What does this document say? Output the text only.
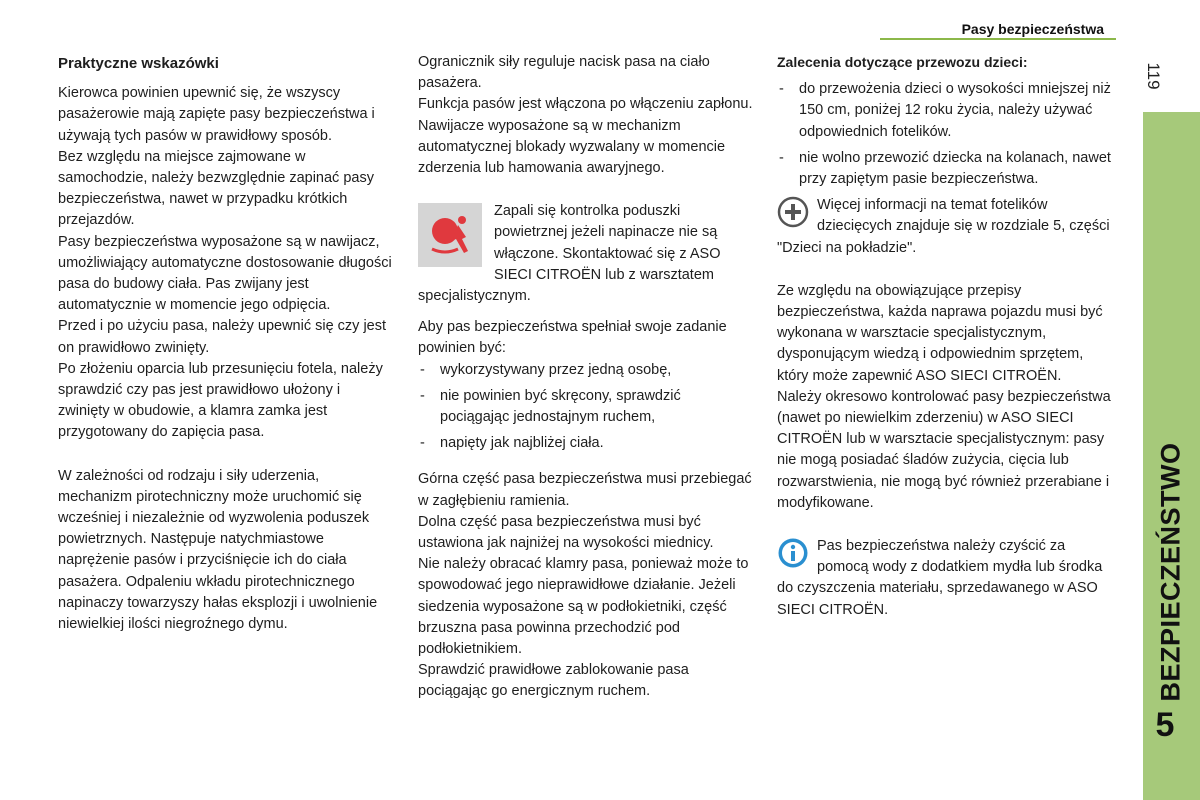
Pasy bezpieczeństwa
119
BEZPIECZEŃSTWO
5

Praktyczne wskazówki

Kierowca powinien upewnić się, że wszyscy pasażerowie mają zapięte pasy bezpieczeństwa i używają tych pasów w prawidłowy sposób.

Bez względu na miejsce zajmowane w samochodzie, należy bezwzględnie zapinać pasy bezpieczeństwa, nawet w przypadku krótkich przejazdów.

Pasy bezpieczeństwa wyposażone są w nawijacz, umożliwiający automatyczne dostosowanie długości pasa do budowy ciała. Pas zwijany jest automatycznie w momencie jego odpięcia.

Przed i po użyciu pasa, należy upewnić się czy jest on prawidłowo zwinięty.

Po złożeniu oparcia lub przesunięciu fotela, należy sprawdzić czy pas jest prawidłowo ułożony i zwinięty w obudowie, a klamra zamka jest przygotowany do zapięcia pasa.

W zależności od rodzaju i siły uderzenia, mechanizm pirotechniczny może uruchomić się wcześniej i niezależnie od wyzwolenia poduszek powietrznych. Następuje natychmiastowe naprężenie pasów i przyciśnięcie ich do ciała pasażera. Odpaleniu wkładu pirotechnicznego napinaczy towarzyszy hałas eksplozji i uwolnienie niewielkiej ilości niegroźnego dymu.

Ogranicznik siły reguluje nacisk pasa na ciało pasażera.

Funkcja pasów jest włączona po włączeniu zapłonu.

Nawijacze wyposażone są w mechanizm automatycznej blokady wyzwalany w momencie zderzenia lub hamowania awaryjnego.

Zapali się kontrolka poduszki powietrznej jeżeli napinacze nie są włączone. Skontaktować się z ASO SIECI CITROËN lub z warsztatem specjalistycznym.

Aby pas bezpieczeństwa spełniał swoje zadanie powinien być:

- wykorzystywany przez jedną osobę,
- nie powinien być skręcony, sprawdzić pociągając jednostajnym ruchem,
- napięty jak najbliżej ciała.

Górna część pasa bezpieczeństwa musi przebiegać w zagłębieniu ramienia.

Dolna część pasa bezpieczeństwa musi być ustawiona jak najniżej na wysokości miednicy.

Nie należy obracać klamry pasa, ponieważ może to spowodować jego nieprawidłowe działanie. Jeżeli siedzenia wyposażone są w podłokietniki, część brzuszna pasa powinna przechodzić pod podłokietnikiem.

Sprawdzić prawidłowe zablokowanie pasa pociągając go energicznym ruchem.

Zalecenia dotyczące przewozu dzieci:

- do przewożenia dzieci o wysokości mniejszej niż 150 cm, poniżej 12 roku życia, należy używać odpowiednich fotelików.
- nie wolno przewozić dziecka na kolanach, nawet przy zapiętym pasie bezpieczeństwa.

Więcej informacji na temat fotelików dziecięcych znajduje się w rozdziale 5, części "Dzieci na pokładzie".

Ze względu na obowiązujące przepisy bezpieczeństwa, każda naprawa pojazdu musi być wykonana w warsztacie specjalistycznym, dysponującym wiedzą i odpowiednim sprzętem, który może zapewnić ASO SIECI CITROËN.

Należy okresowo kontrolować pasy bezpieczeństwa (nawet po niewielkim zderzeniu) w ASO SIECI CITROËN lub w warsztacie specjalistycznym: pasy nie mogą posiadać śladów zużycia, cięcia lub rozwarstwienia, nie mogą być również przerabiane i modyfikowane.

Pas bezpieczeństwa należy czyścić za pomocą wody z dodatkiem mydła lub środka do czyszczenia materiału, sprzedawanego w ASO SIECI CITROËN.
